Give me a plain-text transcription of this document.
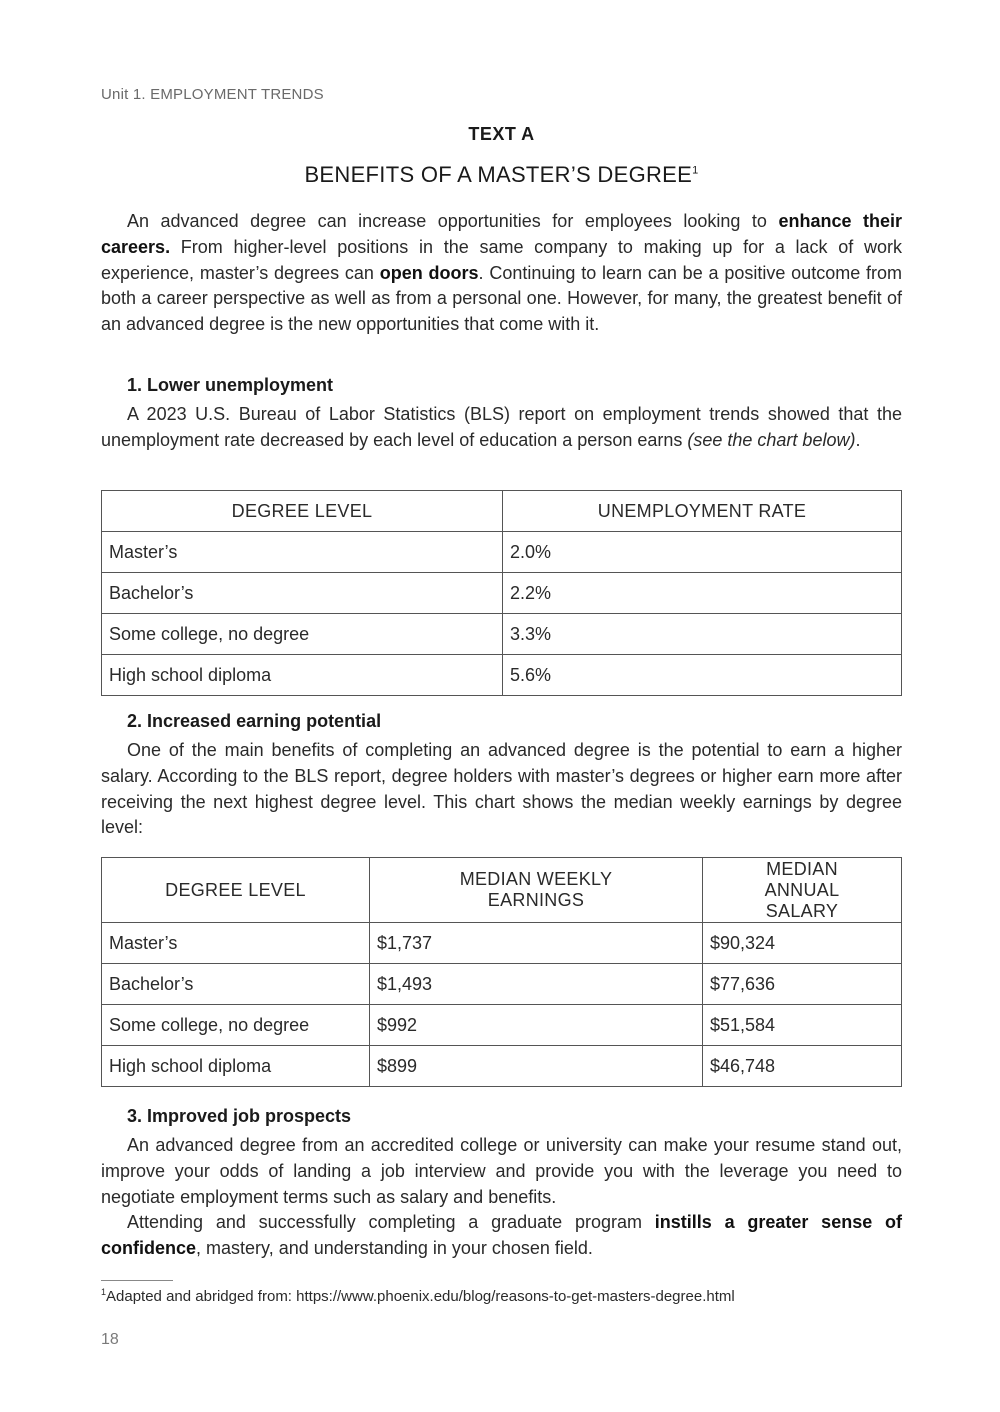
Unit 1. EMPLOYMENT TRENDS
TEXT A
BENEFITS OF A MASTER’S DEGREE$^1$

An advanced degree can increase opportunities for employees looking to enhance their careers. From higher-level positions in the same company to making up for a lack of work experience, master’s degrees can open doors. Continuing to learn can be a positive outcome from both a career perspective as well as from a personal one. However, for many, the greatest benefit of an advanced degree is the new opportunities that come with it.

1. Lower unemployment

A 2023 U.S. Bureau of Labor Statistics (BLS) report on employment trends showed that the unemployment rate decreased by each level of education a person earns (see the chart below).

DEGREE LEVEL	UNEMPLOYMENT RATE
Master’s	2.0%
Bachelor’s	2.2%
Some college, no degree	3.3%
High school diploma	5.6%
2. Increased earning potential

One of the main benefits of completing an advanced degree is the potential to earn a higher salary. According to the BLS report, degree holders with master’s degrees or higher earn more after receiving the next highest degree level. This chart shows the median weekly earnings by degree level:

DEGREE LEVEL	MEDIAN WEEKLY EARNINGS	MEDIAN ANNUAL SALARY
Master’s	$1,737	$90,324
Bachelor’s	$1,493	$77,636
Some college, no degree	$992	$51,584
High school diploma	$899	$46,748
3. Improved job prospects

An advanced degree from an accredited college or university can make your resume stand out, improve your odds of landing a job interview and provide you with the leverage you need to negotiate employment terms such as salary and benefits.

Attending and successfully completing a graduate program instills a greater sense of confidence, mastery, and understanding in your chosen field.

$^1$Adapted and abridged from: https://www.phoenix.edu/blog/reasons-to-get-masters-degree.html
18
